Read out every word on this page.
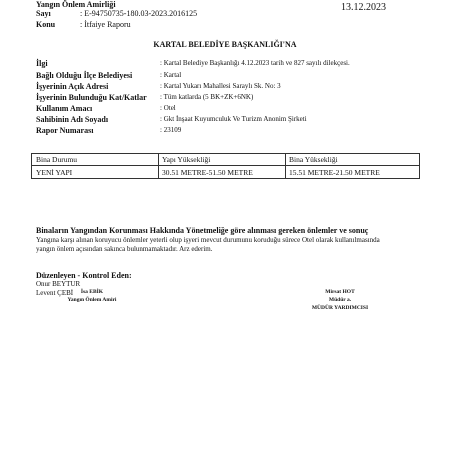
Yangın Önlem Amirliği	13.12.2023
Sayı	: E-94750735-180.03-2023.2016125
Konu	: İtfaiye Raporu
KARTAL BELEDİYE BAŞKANLIĞI'NA
İlgi	: Kartal Belediye Başkanlığı 4.12.2023 tarih ve 827 sayılı dilekçesi.
Bağlı Olduğu İlçe Belediyesi	: Kartal
İşyerinin Açık Adresi	: Kartal Yukarı Mahallesi Saraylı Sk. No: 3
İşyerinin Bulunduğu Kat/Katlar : Tüm katlarda (5 BK+ZK+6NK)
Kullanım Amacı	: Otel
Sahibinin Adı Soyadı	: Gkt İnşaat Kuyumculuk Ve Turizm Anonim Şirketi
Rapor Numarası	: 23109
Bina Durumu	Yapı Yüksekliği	Bina Yüksekliği
YENİ YAPI	30.51 METRE-51.50 METRE	15.51 METRE-21.50 METRE
Binaların Yangından Korunması Hakkında Yönetmeliğe göre alınması gereken önlemler ve sonuç
Yangına karşı alınan koruyucu önlemler yeterli olup işyeri mevcut durumunu koruduğu sürece Otel olarak kullanılmasında
yangın önlem açısından sakınca bulunmamaktadır. Arz ederim.
Düzenleyen - Kontrol Eden:
Onur BEYTUR
Levent ÇEBİ	İsa EBİK
Yangın Önlem Amiri
Mirsat HOT
Müdür a.
MÜDÜR YARDIMCISI
